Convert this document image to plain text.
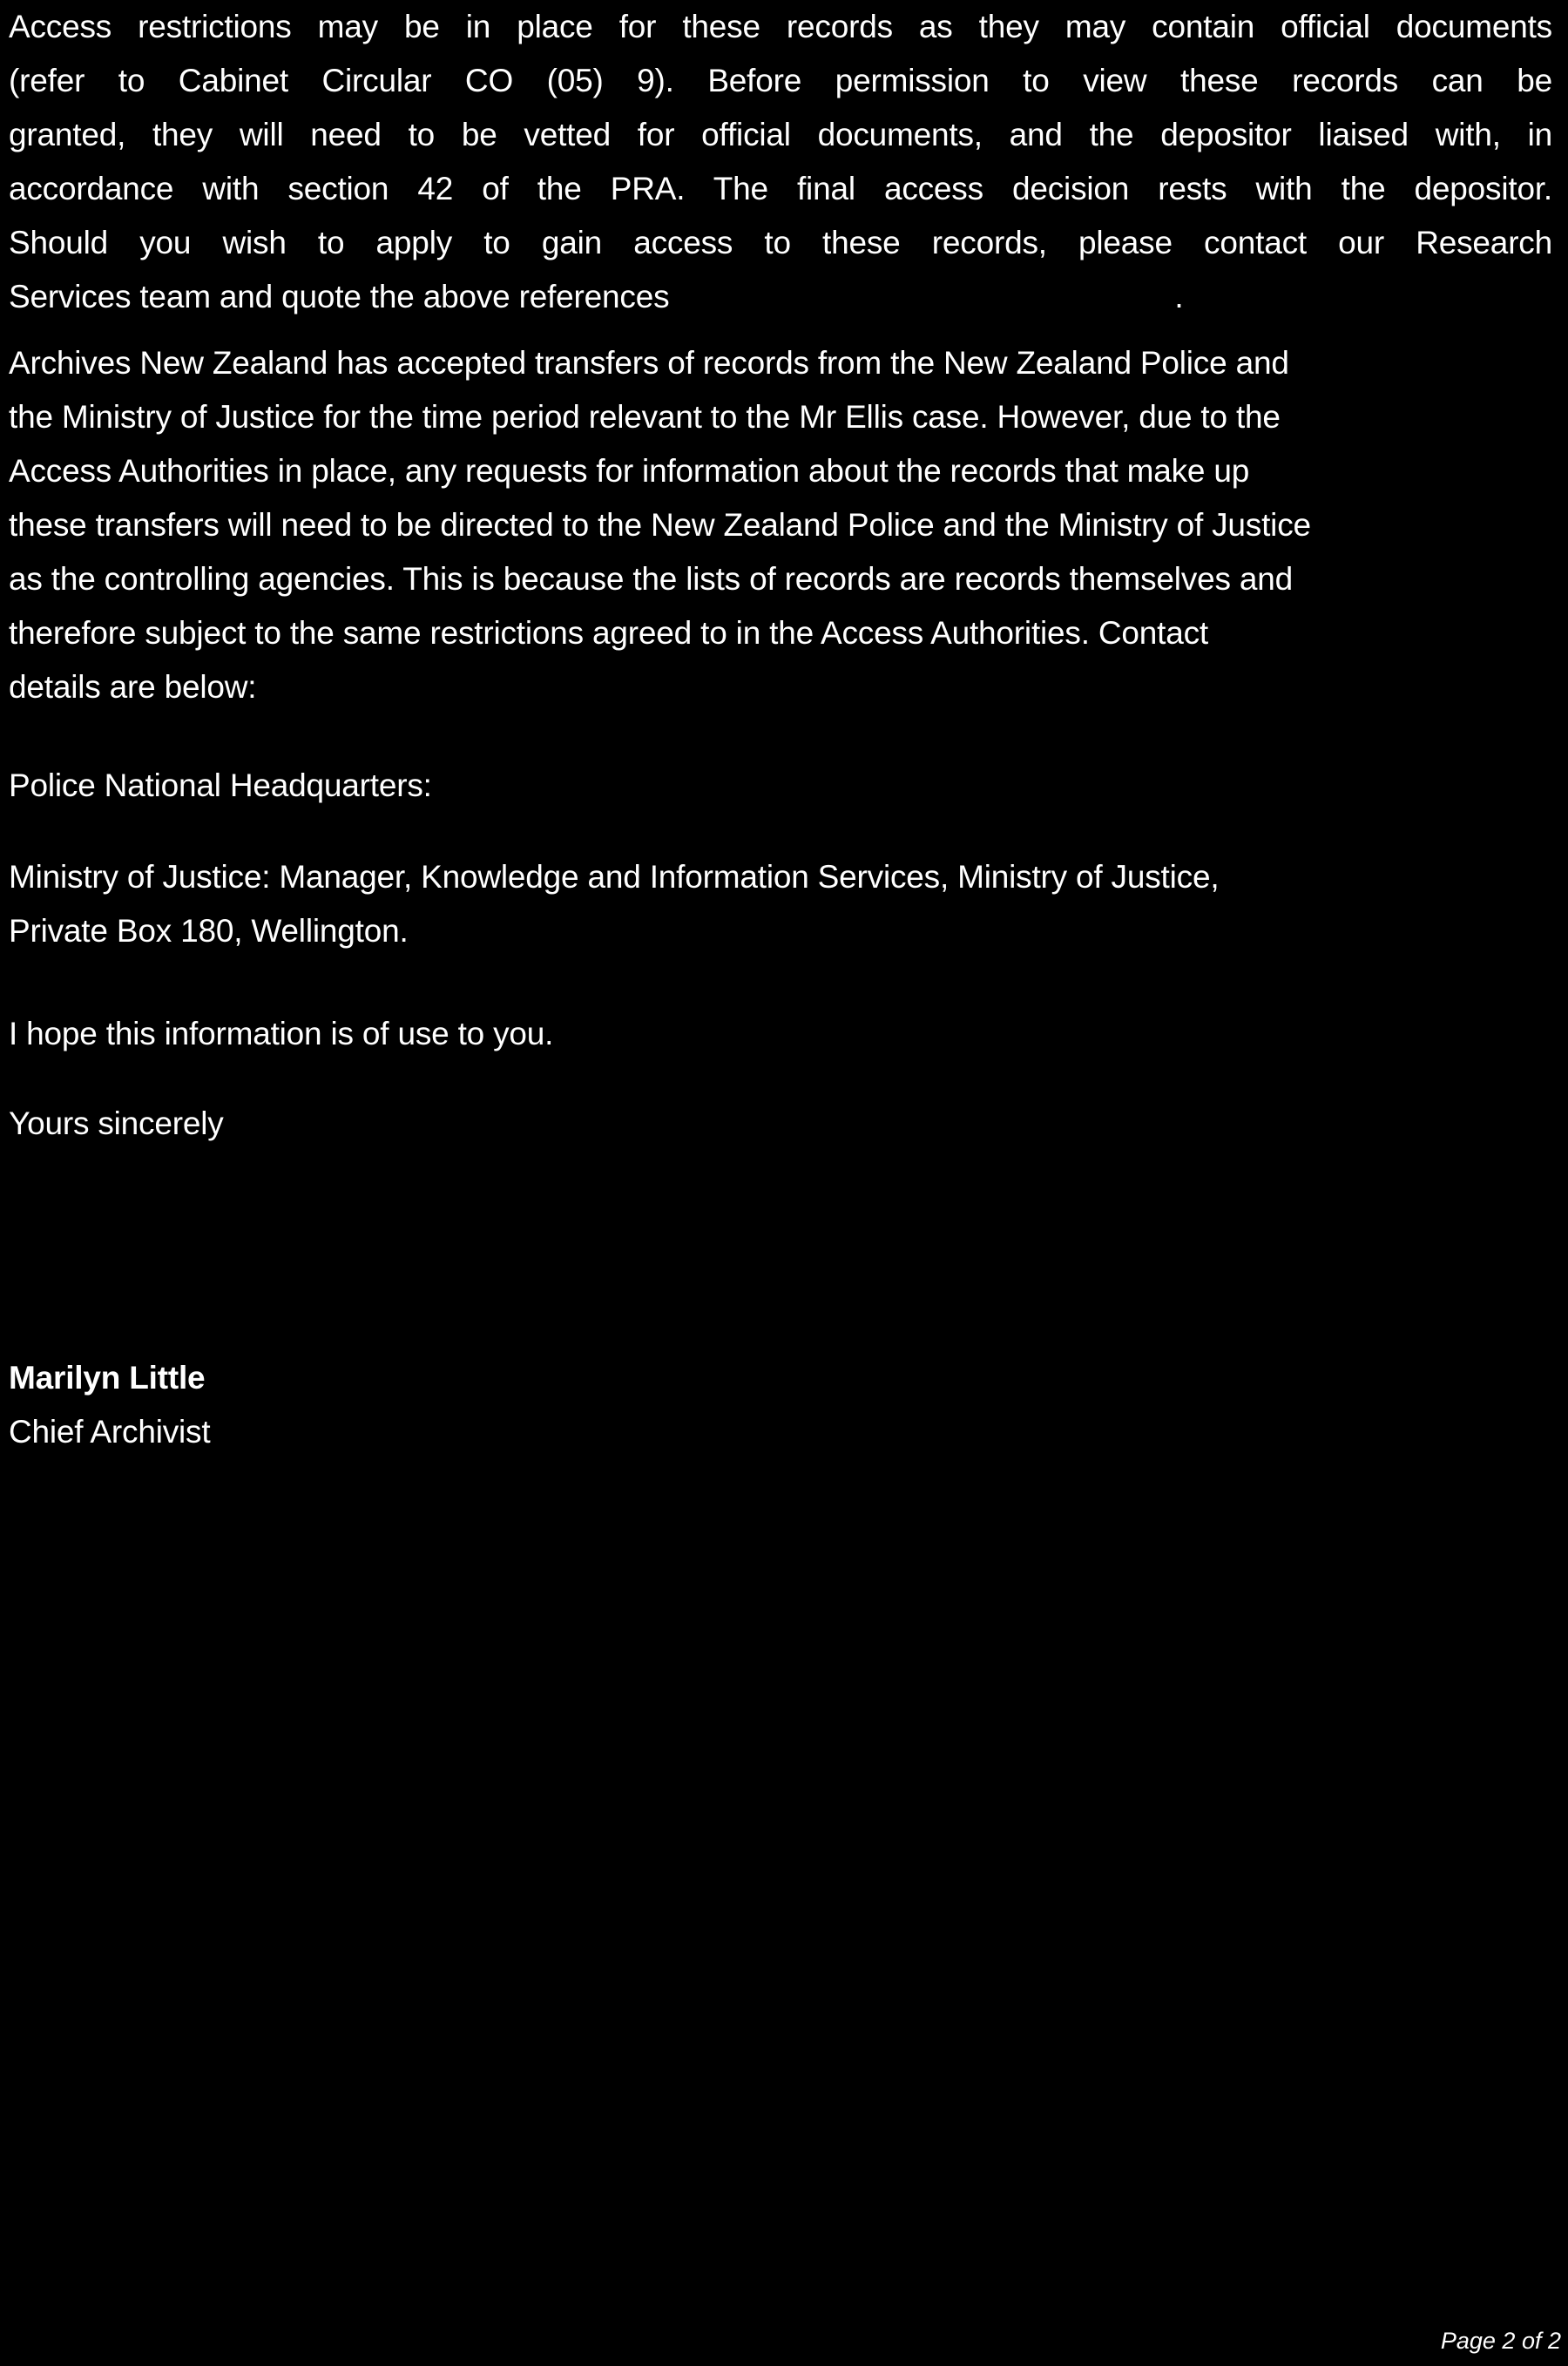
Access restrictions may be in place for these records as they may contain official documents
(refer to Cabinet Circular CO (05) 9). Before permission to view these records can be
granted, they will need to be vetted for official documents, and the depositor liaised with, in
accordance with section 42 of the PRA. The final access decision rests with the depositor.
Should you wish to apply to gain access to these records, please contact our Research
Services team and quote the above references	.
Archives New Zealand has accepted transfers of records from the New Zealand Police and
the Ministry of Justice for the time period relevant to the Mr Ellis case. However, due to the
Access Authorities in place, any requests for information about the records that make up
these transfers will need to be directed to the New Zealand Police and the Ministry of Justice
as the controlling agencies. This is because the lists of records are records themselves and
therefore subject to the same restrictions agreed to in the Access Authorities. Contact
details are below:
Police National Headquarters:
Ministry of Justice: Manager, Knowledge and Information Services, Ministry of Justice,
Private Box 180, Wellington.
I hope this information is of use to you.
Yours sincerely
Marilyn Little
Chief Archivist
Page 2 of 2
